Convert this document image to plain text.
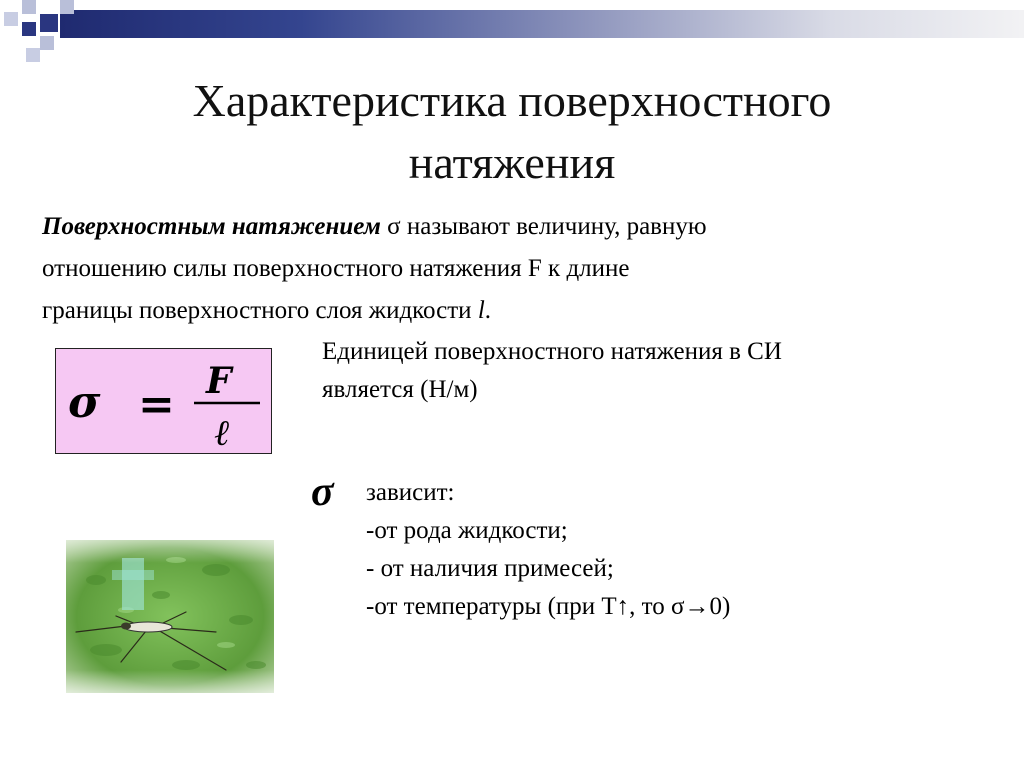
Характеристика поверхностного
натяжения
Поверхностным натяжением σ называют величину, равную
отношению силы поверхностного натяжения F к длине
границы поверхностного слоя жидкости l.
σ = F
ℓ
Единицей поверхностного натяжения в СИ
является (Н/м)
σ зависит:
-от рода жидкости;
- от наличия примесей;
-от температуры (при Т↑, то σ→0)
